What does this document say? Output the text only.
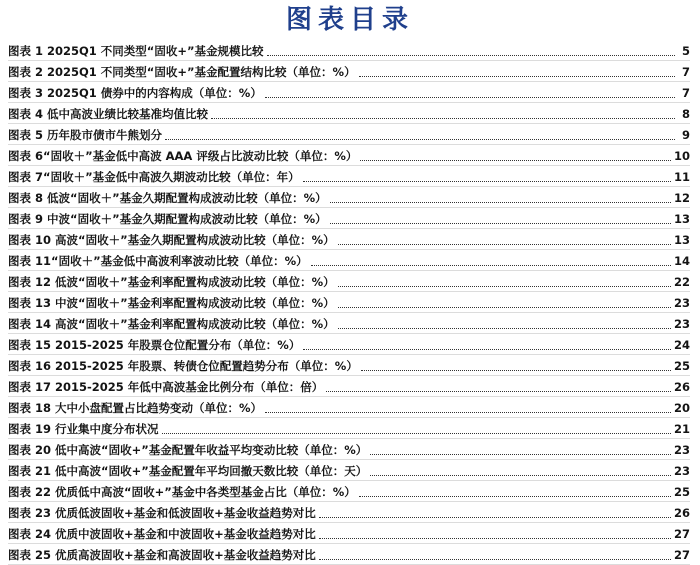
图表目录
图表 1 2025Q1 不同类型“固收+”基金规模比较	5
图表 2 2025Q1 不同类型“固收+”基金配置结构比较（单位：%）	7
图表 3 2025Q1 债券中的内容构成（单位：%）	7
图表 4 低中高波业绩比较基准均值比较	8
图表 5 历年股市债市牛熊划分	9
图表 6“固收＋”基金低中高波 AAA 评级占比波动比较（单位：%）	10
图表 7“固收＋”基金低中高波久期波动比较（单位：年）	11
图表 8 低波“固收＋”基金久期配置构成波动比较（单位：%）	12
图表 9 中波“固收＋”基金久期配置构成波动比较（单位：%）	13
图表 10 高波“固收＋”基金久期配置构成波动比较（单位：%）	13
图表 11“固收＋”基金低中高波利率波动比较（单位：%）	14
图表 12 低波“固收＋”基金利率配置构成波动比较（单位：%）	22
图表 13 中波“固收＋”基金利率配置构成波动比较（单位：%）	23
图表 14 高波“固收＋”基金利率配置构成波动比较（单位：%）	23
图表 15 2015-2025 年股票仓位配置分布（单位：%）	24
图表 16 2015-2025 年股票、转债仓位配置趋势分布（单位：%）	25
图表 17 2015-2025 年低中高波基金比例分布（单位：倍）	26
图表 18 大中小盘配置占比趋势变动（单位：%）	20
图表 19 行业集中度分布状况	21
图表 20 低中高波“固收+”基金配置年收益平均变动比较（单位：%）	23
图表 21 低中高波“固收+”基金配置年平均回撤天数比较（单位：天）	23
图表 22 优质低中高波“固收+”基金中各类型基金占比（单位：%）	25
图表 23 优质低波固收+基金和低波固收+基金收益趋势对比	26
图表 24 优质中波固收+基金和中波固收+基金收益趋势对比	27
图表 25 优质高波固收+基金和高波固收+基金收益趋势对比	27
